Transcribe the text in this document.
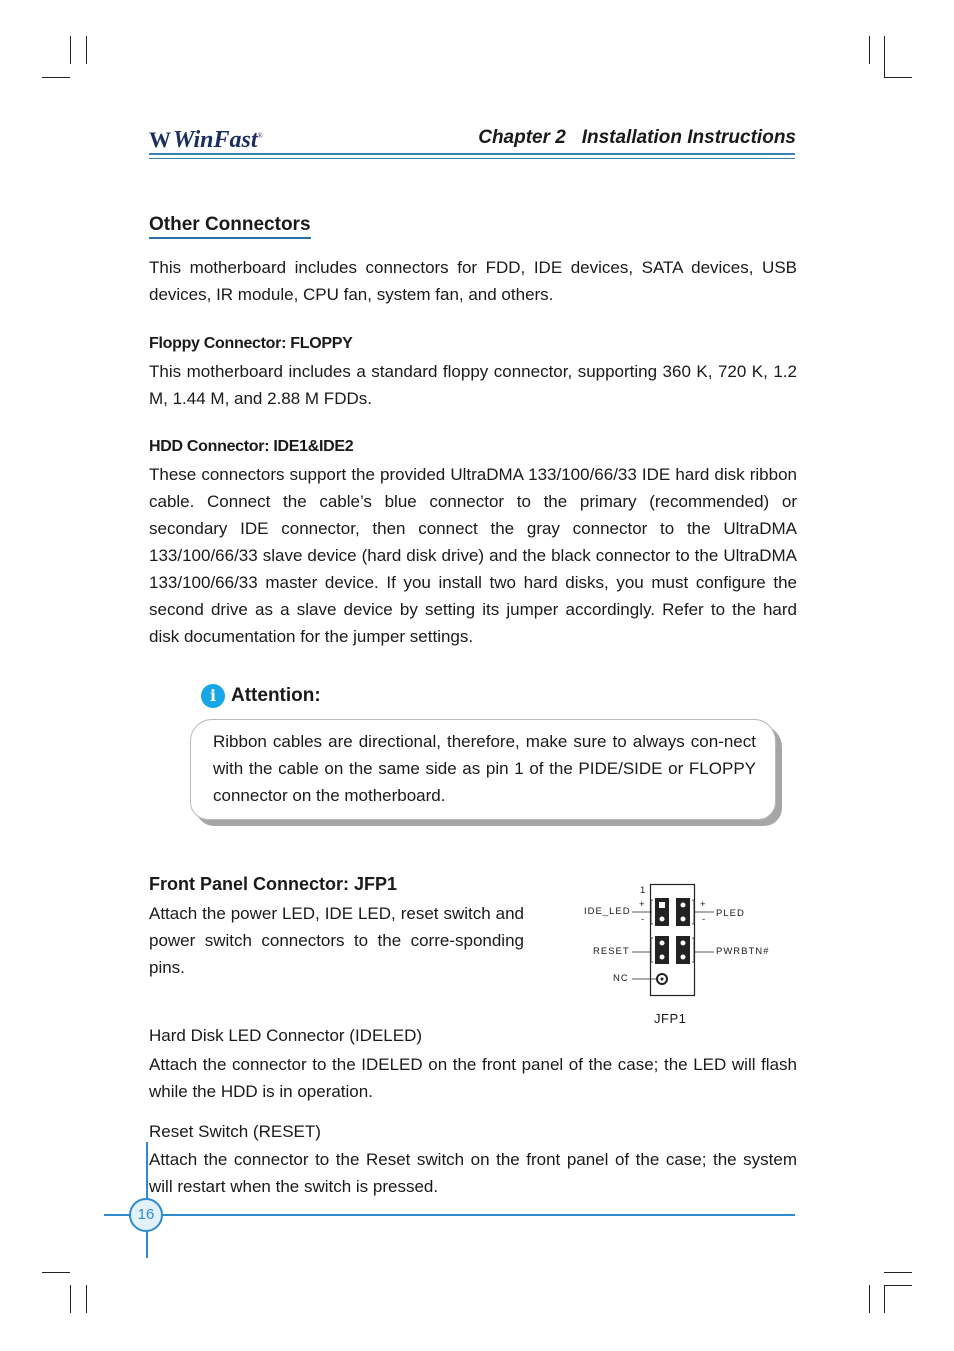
W WinFast®	Chapter 2   Installation Instructions
Other Connectors
This motherboard includes connectors for FDD, IDE devices, SATA devices, USB devices, IR module, CPU fan, system fan, and others.
Floppy Connector: FLOPPY
This motherboard includes a standard floppy connector, supporting 360 K, 720 K, 1.2 M, 1.44 M, and 2.88 M FDDs.
HDD Connector: IDE1&IDE2
These connectors support the provided UltraDMA 133/100/66/33 IDE hard disk ribbon cable. Connect the cable’s blue connector to the primary (recommended) or secondary IDE connector, then connect the gray connector to the UltraDMA 133/100/66/33 slave device (hard disk drive) and the black connector to the UltraDMA 133/100/66/33 master device. If you install two hard disks, you must configure the second drive as a slave device by setting its jumper accordingly. Refer to the hard disk documentation for the jumper settings.
i Attention:
Ribbon cables are directional, therefore, make sure to always con-nect with the cable on the same side as pin 1 of the PIDE/SIDE or FLOPPY connector on the motherboard.
Front Panel Connector: JFP1
Attach the power LED, IDE LED, reset switch and power switch connectors to the corre-sponding pins.
1
+
-
+
-
IDE_LED	PLED
RESET	PWRBTN#
NC
JFP1
Hard Disk LED Connector (IDELED)
Attach the connector to the IDELED on the front panel of the case; the LED will flash while the HDD is in operation.
Reset Switch (RESET)
Attach the connector to the Reset switch on the front panel of the case; the system will restart when the switch is pressed.
16
